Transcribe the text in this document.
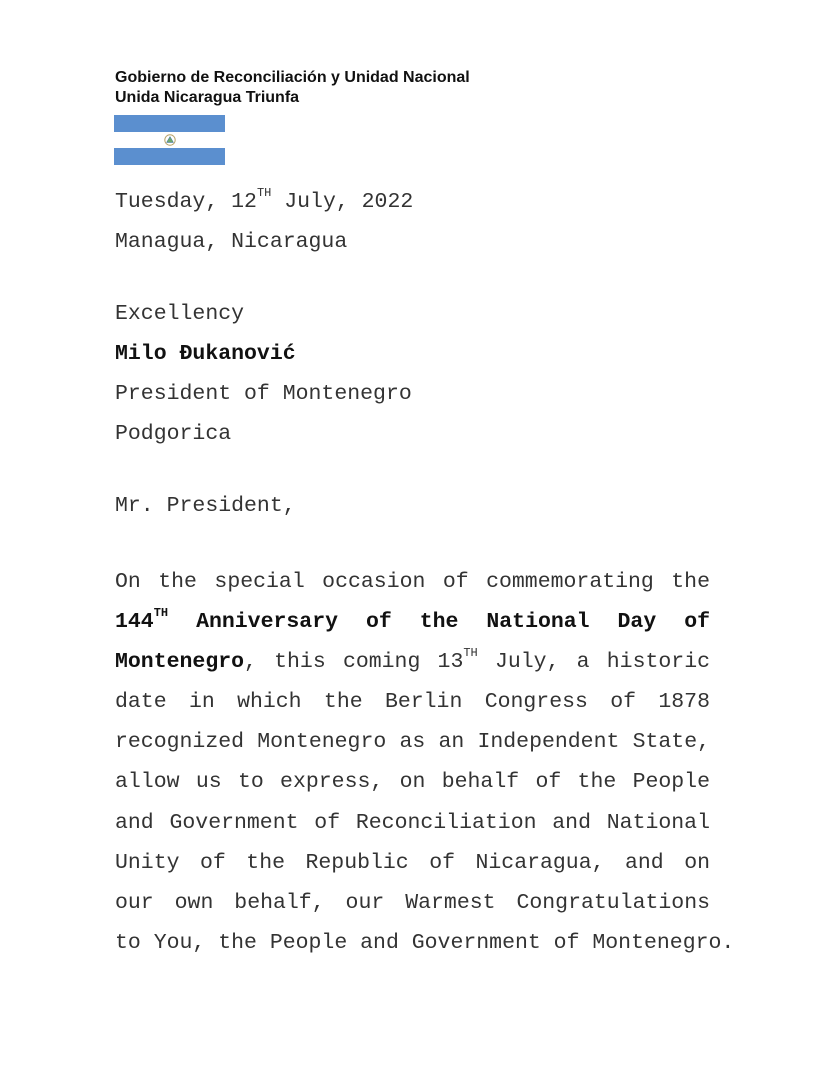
Gobierno de Reconciliación y Unidad Nacional
Unida Nicaragua Triunfa
Tuesday, 12TH July, 2022
Managua, Nicaragua
Excellency
Milo Đukanović
President of Montenegro
Podgorica
Mr. President,
On the special occasion of commemorating the
144TH Anniversary of the National Day of
Montenegro, this coming 13TH July, a historic
date in which the Berlin Congress of 1878
recognized Montenegro as an Independent State,
allow us to express, on behalf of the People
and Government of Reconciliation and National
Unity of the Republic of Nicaragua, and on
our own behalf, our Warmest Congratulations
to You, the People and Government of Montenegro.
